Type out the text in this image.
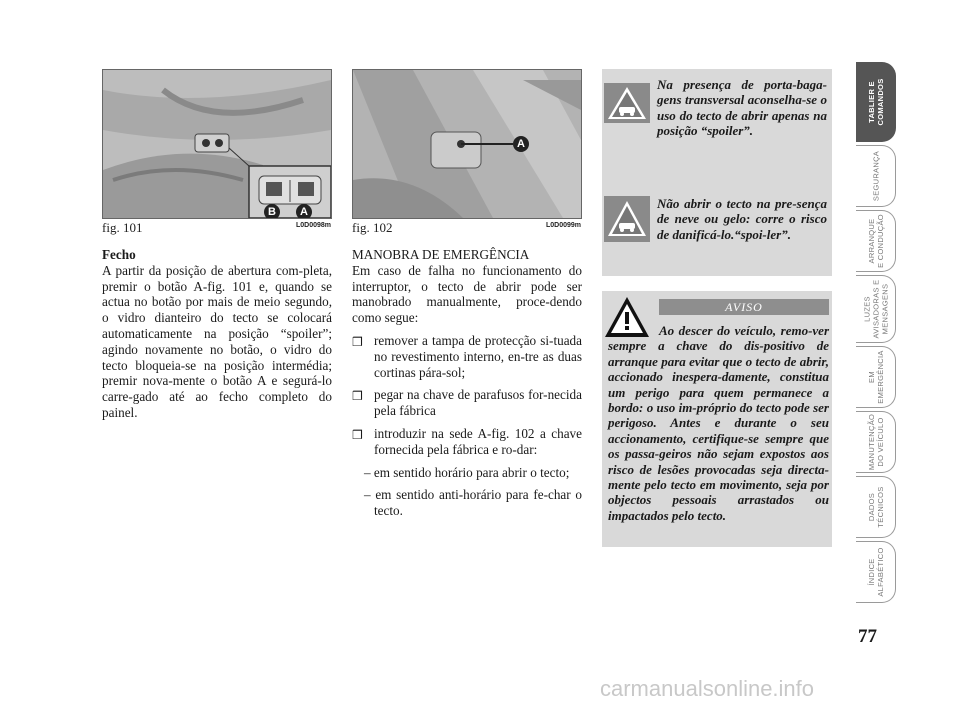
B	A
fig. 101	L0D0098m
A
fig. 102	L0D0099m

Fecho

A partir da posição de abertura com-pleta, premir o botão A-fig. 101 e, quando se actua no botão por mais de meio segundo, o vidro dianteiro do tecto se colocará automaticamente na posição “spoiler”; agindo novamente no botão, o vidro do tecto bloqueia-se na posição intermédia; premir nova-mente o botão A e segurá-lo carre-gado até ao fecho completo do painel.

MANOBRA DE EMERGÊNCIA

Em caso de falha no funcionamento do interruptor, o tecto de abrir pode ser manobrado manualmente, proce-dendo como segue:

❒ remover a tampa de protecção si-tuada no revestimento interno, en-tre as duas cortinas pára-sol;

❒ pegar na chave de parafusos for-necida pela fábrica

❒ introduzir na sede A-fig. 102 a chave fornecida pela fábrica e ro-dar:

– em sentido horário para abrir o tecto;

– em sentido anti-horário para fe-char o tecto.

Na presença de porta-baga-gens transversal aconselha-se o uso do tecto de abrir apenas na posição “spoiler”.
Não abrir o tecto na pre-sença de neve ou gelo: corre o risco de danificá-lo.“spoi-ler”.
AVISO
Ao descer do veículo, remo-ver sempre a chave do dis-positivo de arranque para evitar que o tecto de abrir, accionado inespera-damente, constitua um perigo para quem permanece a bordo: o uso im-próprio do tecto pode ser perigoso. Antes e durante o seu accionamento, certifique-se sempre que os passa-geiros não sejam expostos aos risco de lesões provocadas seja directa-mente pelo tecto em movimento, seja por objectos pessoais arrastados ou impactados pelo tecto.
TABLIER E
COMANDOS
SEGURANÇA
ARRANQUE
E CONDUÇÃO
LUZES
AVISADORAS E
MENSAGENS
EM
EMERGÊNCIA
MANUTENÇÃO
DO VEÍCULO
DADOS
TÉCNICOS
ÍNDICE
ALFABÉTICO
77
carmanualsonline.info
